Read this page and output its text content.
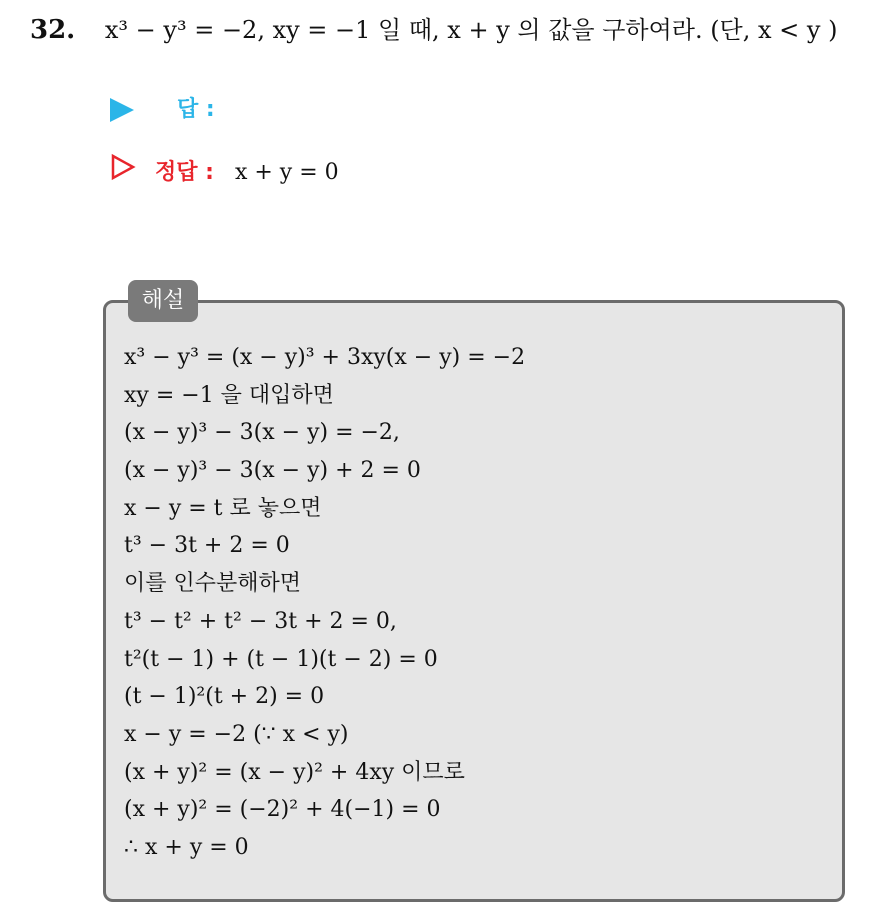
32. x³ − y³ = −2, xy = −1 일 때, x + y 의 값을 구하여라. (단, x < y )
답 :
정답 : x + y = 0
해설
x³ − y³ = (x − y)³ + 3xy(x − y) = −2
xy = −1 을 대입하면
(x − y)³ − 3(x − y) = −2,
(x − y)³ − 3(x − y) + 2 = 0
x − y = t 로 놓으면
t³ − 3t + 2 = 0
이를 인수분해하면
t³ − t² + t² − 3t + 2 = 0,
t²(t − 1) + (t − 1)(t − 2) = 0
(t − 1)²(t + 2) = 0
x − y = −2 (∵ x < y)
(x + y)² = (x − y)² + 4xy 이므로
(x + y)² = (−2)² + 4(−1) = 0
∴ x + y = 0
